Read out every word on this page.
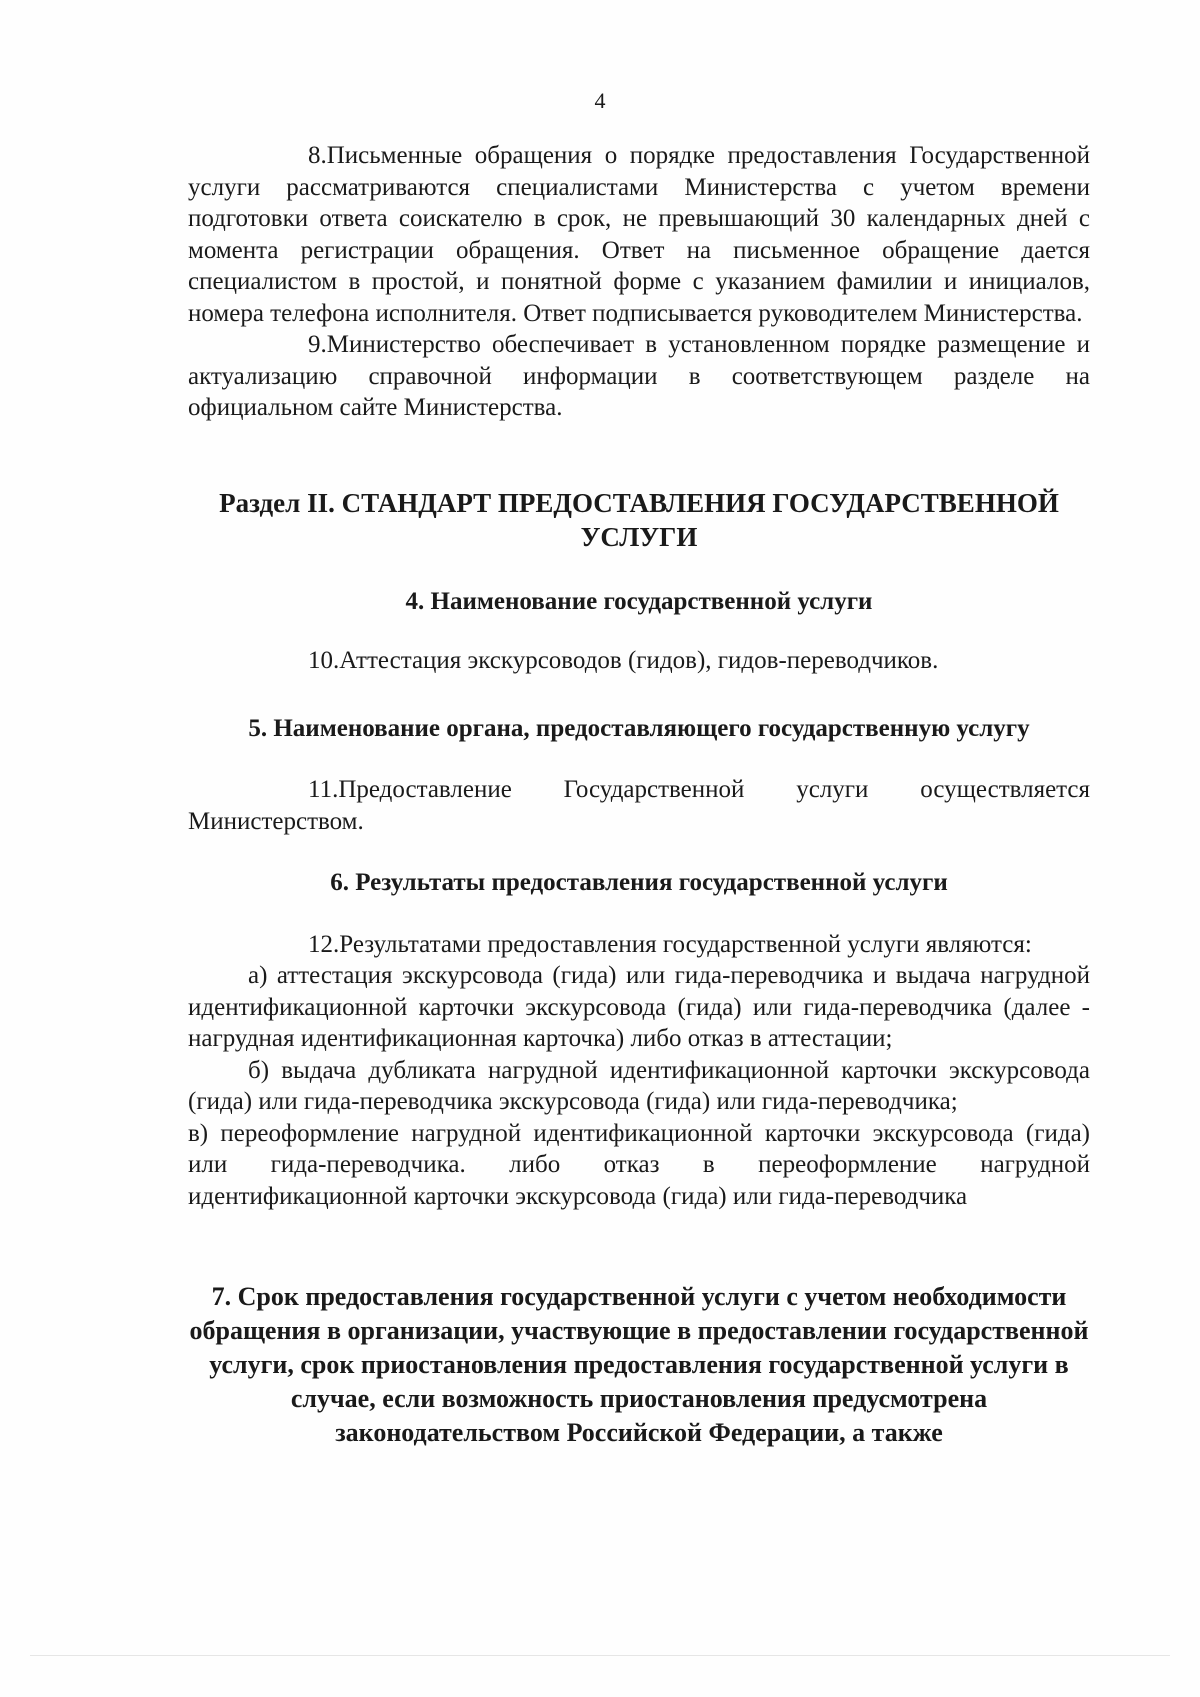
4

8.Письменные обращения о порядке предоставления Государственной услуги рассматриваются специалистами Министерства с учетом времени подготовки ответа соискателю в срок, не превышающий 30 календарных дней с момента регистрации обращения. Ответ на письменное обращение дается специалистом в простой, и понятной форме с указанием фамилии и инициалов, номера телефона исполнителя. Ответ подписывается руководителем Министерства.

9.Министерство обеспечивает в установленном порядке размещение и актуализацию справочной информации в соответствующем разделе на официальном сайте Министерства.

Раздел II. СТАНДАРТ ПРЕДОСТАВЛЕНИЯ ГОСУДАРСТВЕННОЙ УСЛУГИ
4. Наименование государственной услуги

10.Аттестация экскурсоводов (гидов), гидов-переводчиков.

5. Наименование органа, предоставляющего государственную услугу

11.Предоставление Государственной услуги осуществляется Министерством.

6. Результаты предоставления государственной услуги

12.Результатами предоставления государственной услуги являются:

а) аттестация экскурсовода (гида) или гида-переводчика и выдача нагрудной идентификационной карточки экскурсовода (гида) или гида-переводчика (далее - нагрудная идентификационная карточка) либо отказ в аттестации;

б) выдача дубликата нагрудной идентификационной карточки экскурсовода (гида) или гида-переводчика экскурсовода (гида) или гида-переводчика;

в) переоформление нагрудной идентификационной карточки экскурсовода (гида) или гида-переводчика. либо отказ в переоформление нагрудной идентификационной карточки экскурсовода (гида) или гида-переводчика

7. Срок предоставления государственной услуги с учетом необходимости обращения в организации, участвующие в предоставлении государственной услуги, срок приостановления предоставления государственной услуги в случае, если возможность приостановления предусмотрена законодательством Российской Федерации, а также
